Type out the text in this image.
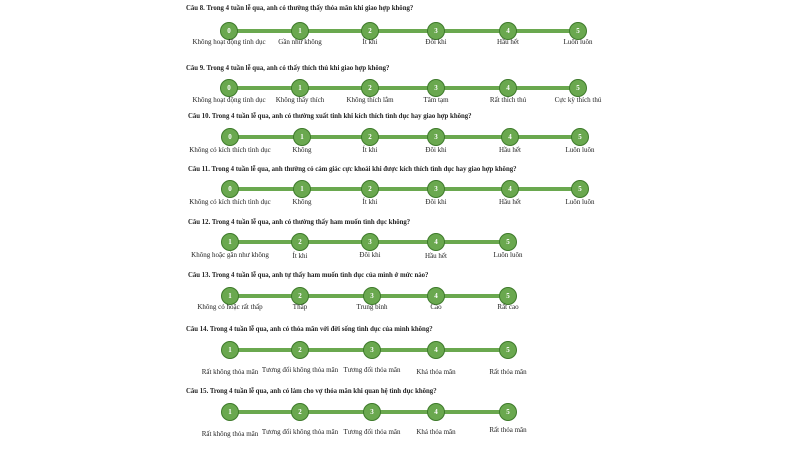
Câu 8. Trong 4 tuần lễ qua, anh có thường thấy thỏa mãn khi giao hợp không?
0
Không hoạt động tình dục
1
Gần như không
2
Ít khi
3
Đôi khi
4
Hầu hết
5
Luôn luôn
Câu 9. Trong 4 tuần lễ qua, anh có thấy thích thú khi giao hợp không?
0
Không hoạt động tình dục
1
Không thấy thích
2
Không thích lắm
3
Tâm tạm
4
Rất thích thú
5
Cực kỳ thích thú
Câu 10. Trong 4 tuần lễ qua, anh có thường xuất tinh khi kích thích tình dục hay giao hợp không?
0
Không có kích thích tình dục
1
Không
2
Ít khi
3
Đôi khi
4
Hầu hết
5
Luôn luôn
Câu 11. Trong 4 tuần lễ qua, anh thường có cảm giác cực khoái khi được kích thích tình dục hay giao hợp không?
0
Không có kích thích tình dục
1
Không
2
Ít khi
3
Đôi khi
4
Hầu hết
5
Luôn luôn
Câu 12. Trong 4 tuần lễ qua, anh có thường thấy ham muốn tình dục không?
1
Không hoặc gần như không
2
Ít khi
3
Đôi khi
4
Hầu hết
5
Luôn luôn
Câu 13. Trong 4 tuần lễ qua, anh tự thấy ham muốn tình dục của mình ở mức nào?
1
Không có hoặc rất thấp
2
Thấp
3
Trung bình
4
Cao
5
Rất cao
Câu 14. Trong 4 tuần lễ qua, anh có thỏa mãn với đời sống tình dục của mình không?
1
Rất không thỏa mãn
2
Tương đối không thỏa mãn
3
Tương đối thỏa mãn
4
Khá thỏa mãn
5
Rất thỏa mãn
Câu 15. Trong 4 tuần lễ qua, anh có làm cho vợ thỏa mãn khi quan hệ tình dục không?
1
Rất không thỏa mãn
2
Tương đối không thỏa mãn
3
Tương đối thỏa mãn
4
Khá thỏa mãn
5
Rất thỏa mãn
